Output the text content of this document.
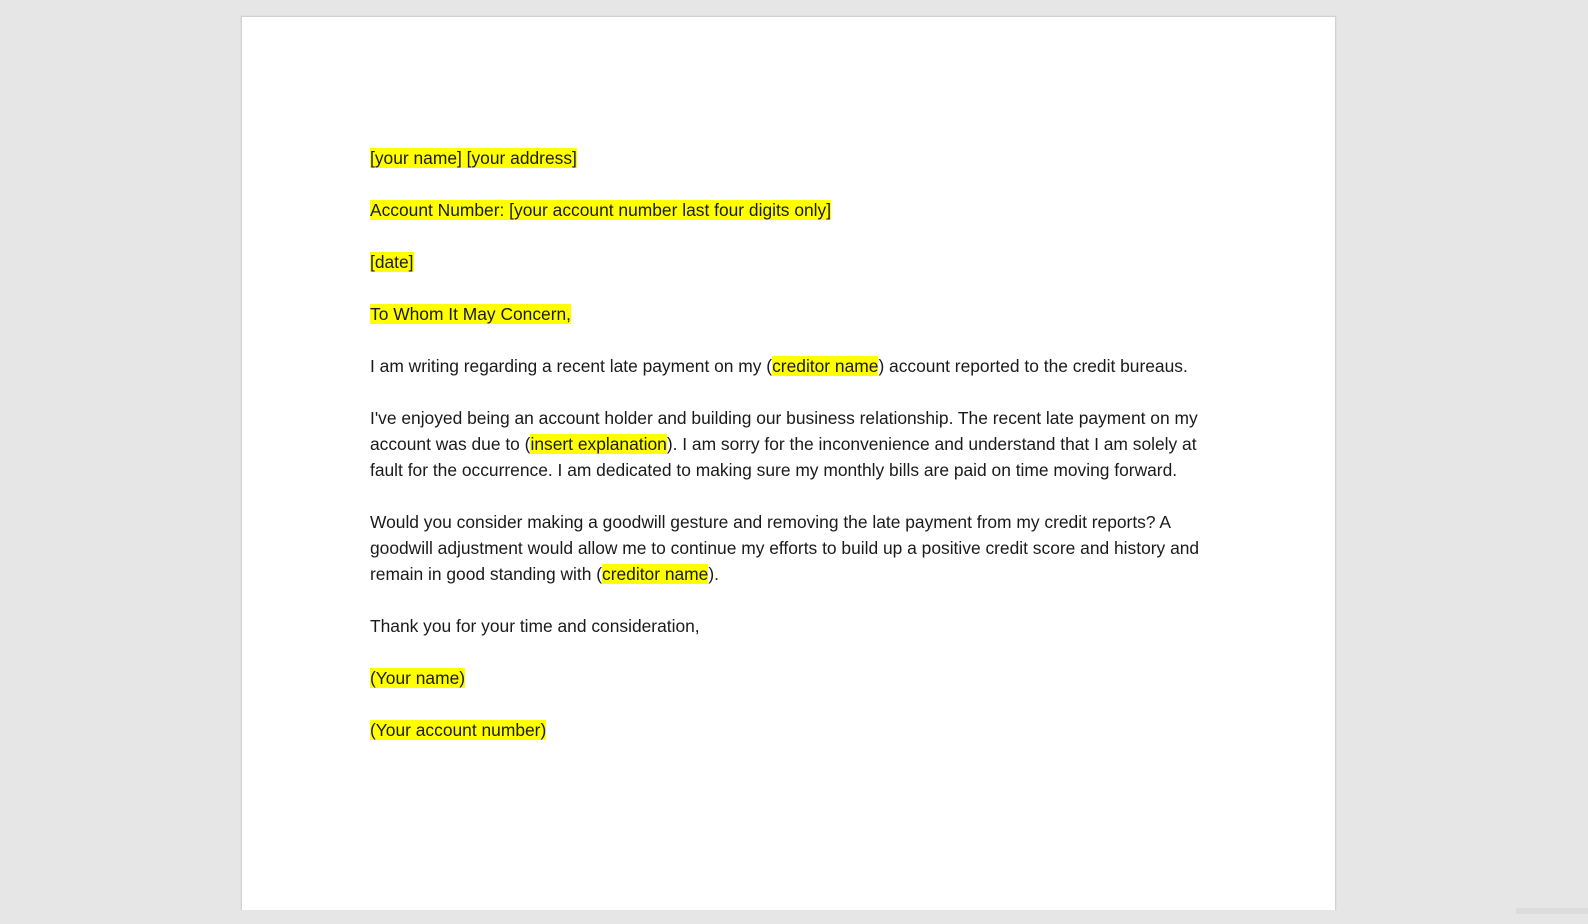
[your name] [your address]

Account Number: [your account number last four digits only]

[date]

To Whom It May Concern,

I am writing regarding a recent late payment on my (creditor name) account reported to the credit bureaus.

I've enjoyed being an account holder and building our business relationship. The recent late payment on my account was due to (insert explanation). I am sorry for the inconvenience and understand that I am solely at fault for the occurrence. I am dedicated to making sure my monthly bills are paid on time moving forward.

Would you consider making a goodwill gesture and removing the late payment from my credit reports? A goodwill adjustment would allow me to continue my efforts to build up a positive credit score and history and remain in good standing with (creditor name).

Thank you for your time and consideration,

(Your name)

(Your account number)
